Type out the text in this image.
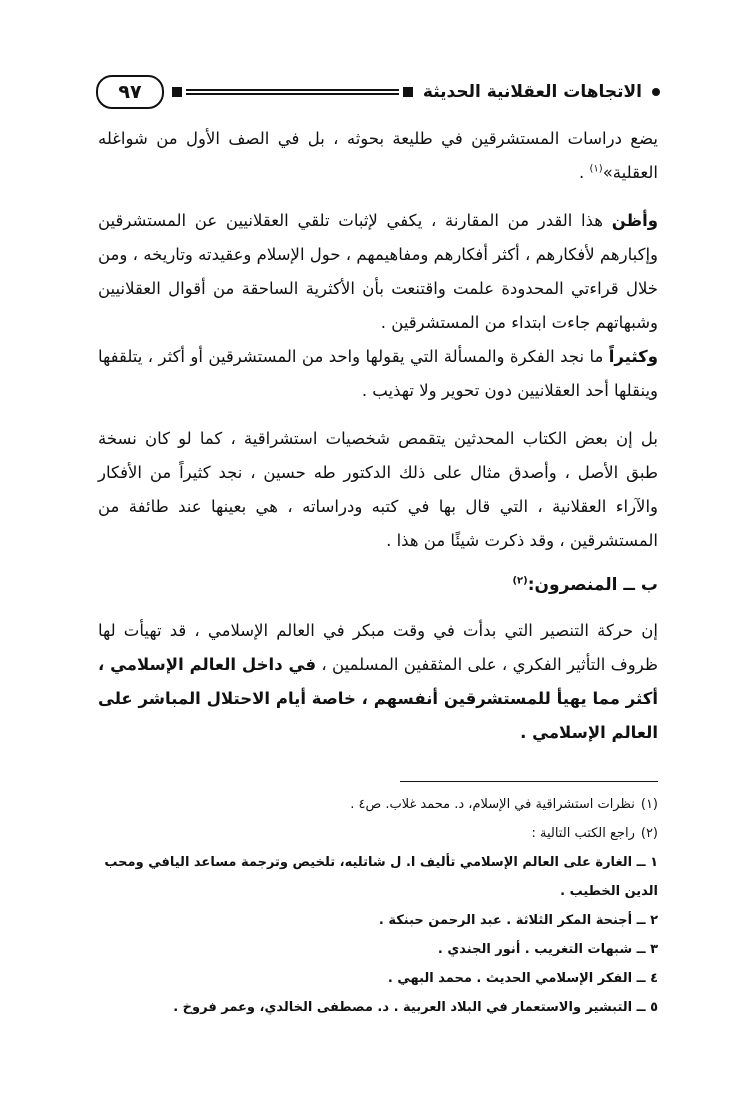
الاتجاهات العقلانية الحديثة
٩٧

يضع دراسات المستشرقين في طليعة بحوثه ، بل في الصف الأول من شواغله العقلية»$^{(١)}$ .

وأظن هذا القدر من المقارنة ، يكفي لإثبات تلقي العقلانيين عن المستشرقين وإكبارهم لأفكارهم ، أكثر أفكارهم ومفاهيمهم ، حول الإسلام وعقيدته وتاريخه ، ومن خلال قراءتي المحدودة علمت واقتنعت بأن الأكثرية الساحقة من أقوال العقلانيين وشبهاتهم جاءت ابتداء من المستشرقين .

وكثيراً ما نجد الفكرة والمسألة التي يقولها واحد من المستشرقين أو أكثر ، يتلقفها وينقلها أحد العقلانيين دون تحوير ولا تهذيب .

بل إن بعض الكتاب المحدثين يتقمص شخصيات استشراقية ، كما لو كان نسخة طبق الأصل ، وأصدق مثال على ذلك الدكتور طه حسين ، نجد كثيراً من الأفكار والآراء العقلانية ، التي قال بها في كتبه ودراساته ، هي بعينها عند طائفة من المستشرقين ، وقد ذكرت شيئًا من هذا .

ب ــ المنصرون:$^{(٢)}$

إن حركة التنصير التي بدأت في وقت مبكر في العالم الإسلامي ، قد تهيأت لها ظروف التأثير الفكري ، على المثقفين المسلمين ، في داخل العالم الإسلامي ، أكثر مما يهيأ للمستشرقين أنفسهم ، خاصة أيام الاحتلال المباشر على العالم الإسلامي .

(١)نظرات استشراقية في الإسلام، د. محمد غلاب. ص٤ .

(٢)راجع الكتب التالية :

١ ــ الغارة على العالم الإسلامي تأليف ا. ل شاتليه، تلخيص وترجمة مساعد اليافي ومحب الدين الخطيب .
٢ ــ أجنحة المكر الثلاثة . عبد الرحمن حبنكة .
٣ ــ شبهات التغريب . أنور الجندي .
٤ ــ الفكر الإسلامي الحديث . محمد البهي .
٥ ــ التبشير والاستعمار في البلاد العربية . د. مصطفى الخالدي، وعمر فروخ .
